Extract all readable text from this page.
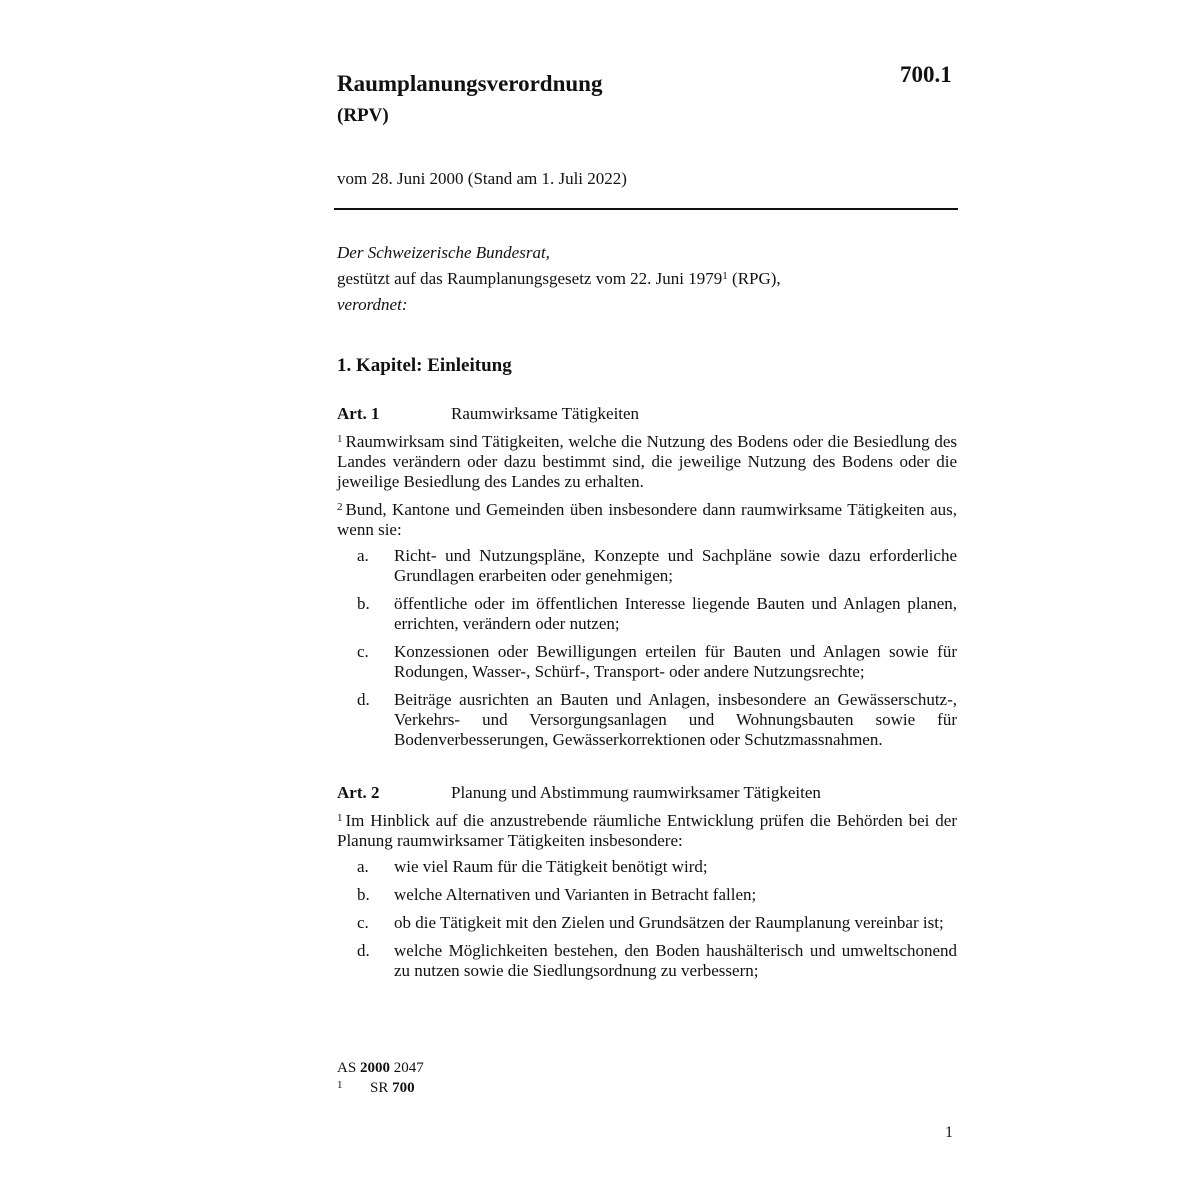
Raumplanungsverordnung
(RPV)
700.1
vom 28. Juni 2000 (Stand am 1. Juli 2022)
Der Schweizerische Bundesrat,
gestützt auf das Raumplanungsgesetz vom 22. Juni 1979$^1$ (RPG),
verordnet:
1. Kapitel: Einleitung
Art. 1	Raumwirksame Tätigkeiten

$^1$ Raumwirksam sind Tätigkeiten, welche die Nutzung des Bodens oder die Besiedlung des Landes verändern oder dazu bestimmt sind, die jeweilige Nutzung des Bodens oder die jeweilige Besiedlung des Landes zu erhalten.

$^2$ Bund, Kantone und Gemeinden üben insbesondere dann raumwirksame Tätigkeiten aus, wenn sie:

a. Richt- und Nutzungspläne, Konzepte und Sachpläne sowie dazu erforderliche Grundlagen erarbeiten oder genehmigen;
b. öffentliche oder im öffentlichen Interesse liegende Bauten und Anlagen planen, errichten, verändern oder nutzen;
c. Konzessionen oder Bewilligungen erteilen für Bauten und Anlagen sowie für Rodungen, Wasser-, Schürf-, Transport- oder andere Nutzungsrechte;
d. Beiträge ausrichten an Bauten und Anlagen, insbesondere an Gewässerschutz-, Verkehrs- und Versorgungsanlagen und Wohnungsbauten sowie für Bodenverbesserungen, Gewässerkorrektionen oder Schutzmassnahmen.
Art. 2	Planung und Abstimmung raumwirksamer Tätigkeiten

$^1$ Im Hinblick auf die anzustrebende räumliche Entwicklung prüfen die Behörden bei der Planung raumwirksamer Tätigkeiten insbesondere:

a. wie viel Raum für die Tätigkeit benötigt wird;
b. welche Alternativen und Varianten in Betracht fallen;
c. ob die Tätigkeit mit den Zielen und Grundsätzen der Raumplanung vereinbar ist;
d. welche Möglichkeiten bestehen, den Boden haushälterisch und umweltschonend zu nutzen sowie die Siedlungsordnung zu verbessern;
AS 2000 2047
$^1$ SR 700
1
